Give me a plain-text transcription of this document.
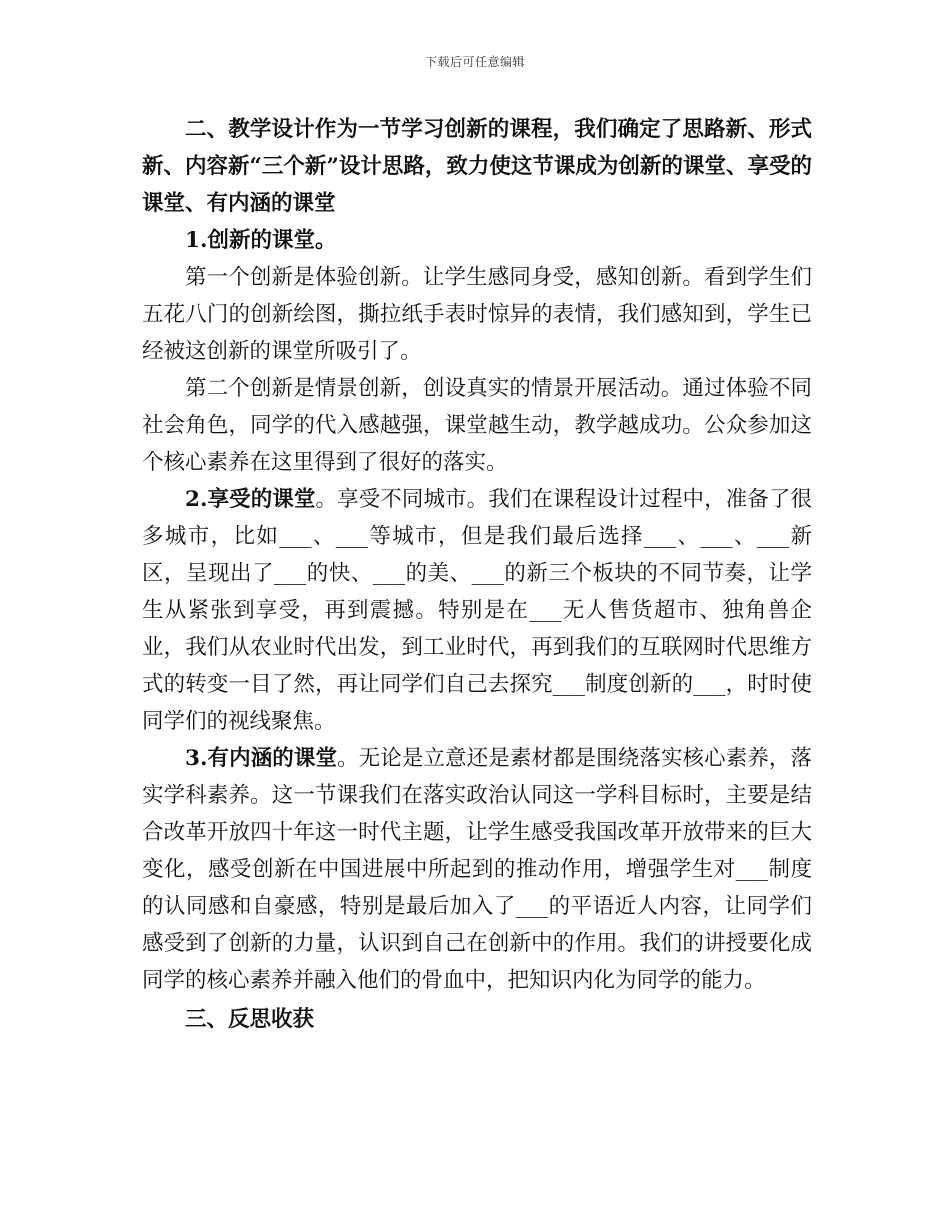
下载后可任意编辑

二、教学设计作为一节学习创新的课程，我们确定了思路新、形式新、内容新“三个新”设计思路，致力使这节课成为创新的课堂、享受的课堂、有内涵的课堂

1.创新的课堂。

第一个创新是体验创新。让学生感同身受，感知创新。看到学生们五花八门的创新绘图，撕拉纸手表时惊异的表情，我们感知到，学生已经被这创新的课堂所吸引了。

第二个创新是情景创新，创设真实的情景开展活动。通过体验不同社会角色，同学的代入感越强，课堂越生动，教学越成功。公众参加这个核心素养在这里得到了很好的落实。

2.享受的课堂。享受不同城市。我们在课程设计过程中，准备了很多城市，比如___、___等城市，但是我们最后选择___、___、___新区，呈现出了___的快、___的美、___的新三个板块的不同节奏，让学生从紧张到享受，再到震撼。特别是在___无人售货超市、独角兽企业，我们从农业时代出发，到工业时代，再到我们的互联网时代思维方式的转变一目了然，再让同学们自己去探究___制度创新的___，时时使同学们的视线聚焦。

3.有内涵的课堂。无论是立意还是素材都是围绕落实核心素养，落实学科素养。这一节课我们在落实政治认同这一学科目标时，主要是结合改革开放四十年这一时代主题，让学生感受我国改革开放带来的巨大变化，感受创新在中国进展中所起到的推动作用，增强学生对___制度的认同感和自豪感，特别是最后加入了___的平语近人内容，让同学们感受到了创新的力量，认识到自己在创新中的作用。我们的讲授要化成同学的核心素养并融入他们的骨血中，把知识内化为同学的能力。

三、反思收获
